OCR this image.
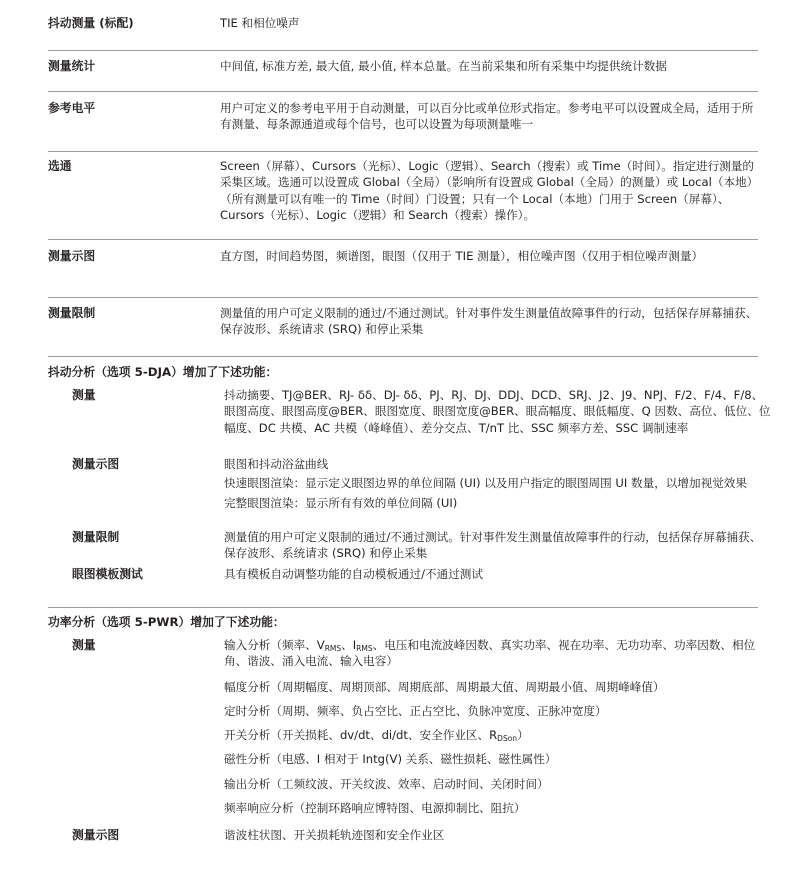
抖动测量 (标配)	TIE 和相位噪声
测量统计	中间值, 标准方差, 最大值, 最小值, 样本总量。在当前采集和所有采集中均提供统计数据
参考电平	用户可定义的参考电平用于自动测量，可以百分比或单位形式指定。参考电平可以设置成全局，适用于所有测量、每条源通道或每个信号，也可以设置为每项测量唯一
选通	Screen（屏幕）、Cursors（光标）、Logic（逻辑）、Search（搜索）或 Time（时间）。指定进行测量的采集区域。选通可以设置成 Global（全局）（影响所有设置成 Global（全局）的测量）或 Local（本地）（所有测量可以有唯一的 Time（时间）门设置；只有一个 Local（本地）门用于 Screen（屏幕）、Cursors（光标）、Logic（逻辑）和 Search（搜索）操作）。
测量示图	直方图，时间趋势图，频谱图，眼图（仅用于 TIE 测量），相位噪声图（仅用于相位噪声测量）
测量限制	测量值的用户可定义限制的通过/不通过测试。针对事件发生测量值故障事件的行动，包括保存屏幕捕获、保存波形、系统请求 (SRQ) 和停止采集
抖动分析（选项 5-DJA）增加了下述功能：
测量	抖动摘要、TJ@BER、RJ- δδ、DJ- δδ、PJ、RJ、DJ、DDJ、DCD、SRJ、J2、J9、NPJ、F/2、F/4、F/8、眼图高度、眼图高度@BER、眼图宽度、眼图宽度@BER、眼高幅度、眼低幅度、Q 因数、高位、低位、位幅度、DC 共模、AC 共模（峰峰值）、差分交点、T/nT 比、SSC 频率方差、SSC 调制速率
测量示图	眼图和抖动浴盆曲线
快速眼图渲染：显示定义眼图边界的单位间隔 (UI) 以及用户指定的眼图周围 UI 数量，以增加视觉效果
完整眼图渲染：显示所有有效的单位间隔 (UI)
测量限制	测量值的用户可定义限制的通过/不通过测试。针对事件发生测量值故障事件的行动，包括保存屏幕捕获、保存波形、系统请求 (SRQ) 和停止采集
眼图模板测试	具有模板自动调整功能的自动模板通过/不通过测试
功率分析（选项 5-PWR）增加了下述功能：
测量	输入分析（频率、$V_{RMS}$、$I_{RMS}$、电压和电流波峰因数、真实功率、视在功率、无功功率、功率因数、相位角、谐波、涌入电流、输入电容）
幅度分析（周期幅度、周期顶部、周期底部、周期最大值、周期最小值、周期峰峰值）
定时分析（周期、频率、负占空比、正占空比、负脉冲宽度、正脉冲宽度）
开关分析（开关损耗、dv/dt、di/dt、安全作业区、$R_{DSon}$）
磁性分析（电感、I 相对于 Intg(V) 关系、磁性损耗、磁性属性）
输出分析（工频纹波、开关纹波、效率、启动时间、关闭时间）
频率响应分析（控制环路响应博特图、电源抑制比、阻抗）
测量示图	谐波柱状图、开关损耗轨迹图和安全作业区
